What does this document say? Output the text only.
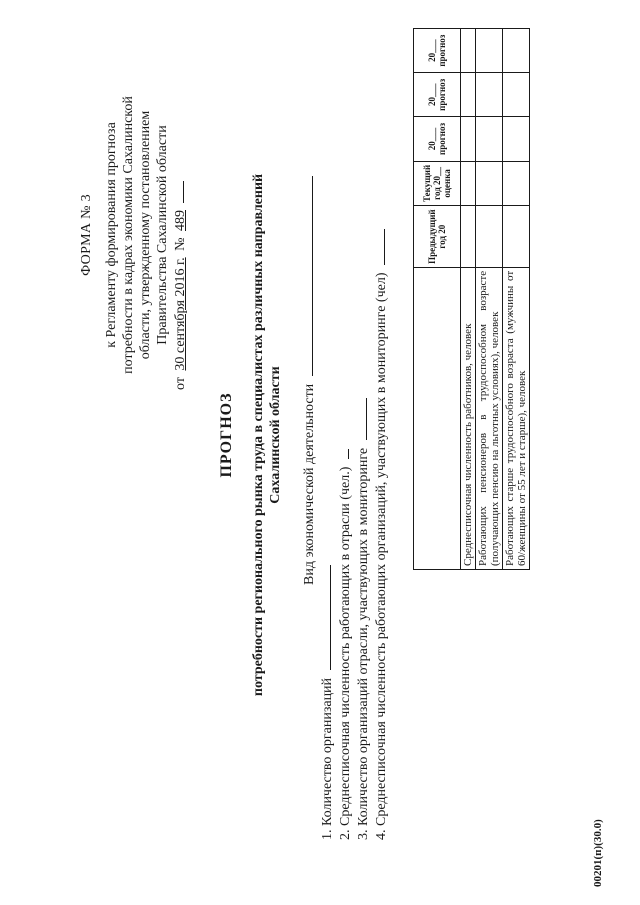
ФОРМА № 3 к Регламенту формирования прогноза потребности в кадрах экономики Сахалинской области, утвержденному постановлением Правительства Сахалинской области
от 30 сентября 2016 г. № 489
ПРОГНОЗ потребности регионального рынка труда в специалистах различных направлений Сахалинской области Вид экономической деятельности
1. Количество организаций 2. Среднесписочная численность работающих в отрасли (чел.) 3. Количество организаций отрасли, участвующих в мониторинге 4. Среднесписочная численность работающих организаций, участвующих в мониторинге (чел)
	Предыдущий год 20	Текущий год 20__ оценка	20___ прогноз	20___ прогноз	20___ прогноз
Среднесписочная численность работников, человек					
Работающих пенсионеров в трудоспособном возрасте (получающих пенсию на льготных условиях), человек					
Работающих старше трудоспособного возраста (мужчины от 60/женщины от 55 лет и старше), человек					
00201(п)(30.0)
